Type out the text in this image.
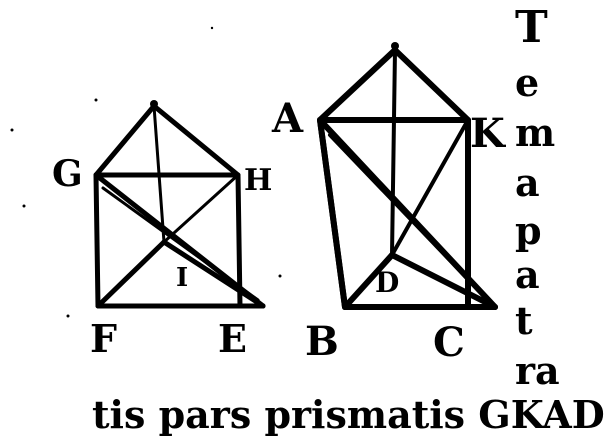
G	H
I
F	E
A	K
D
B C
T
e
m
a
p
a
t
ra
tis pars prismatis GKAD
